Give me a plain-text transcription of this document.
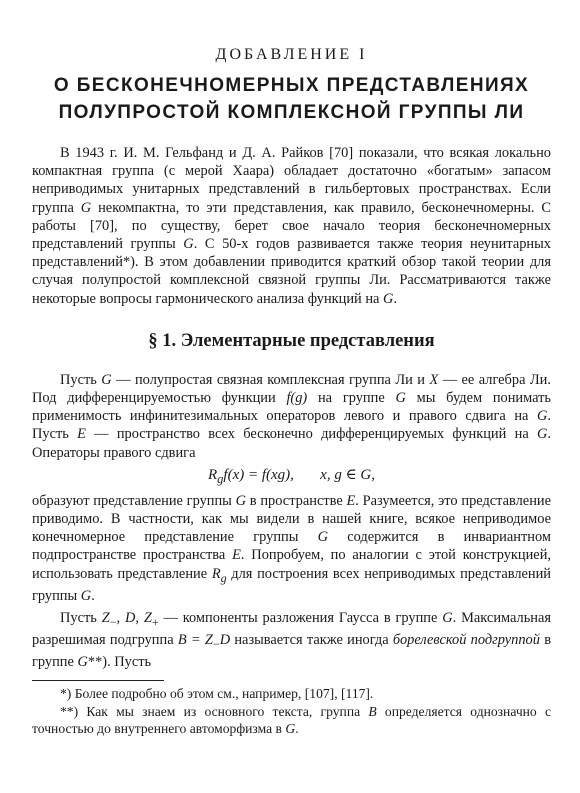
ДОБАВЛЕНИЕ I

О БЕСКОНЕЧНОМЕРНЫХ ПРЕДСТАВЛЕНИЯХ
ПОЛУПРОСТОЙ КОМПЛЕКСНОЙ ГРУППЫ ЛИ

В 1943 г. И. М. Гельфанд и Д. А. Райков [70] показали, что всякая локально компактная группа (с мерой Хаара) обладает достаточно «богатым» запасом неприводимых унитарных представлений в гильбертовых пространствах. Если группа G некомпактна, то эти представления, как правило, бесконечномерны. С работы [70], по существу, берет свое начало теория бесконечномерных представлений группы G. С 50-х годов развивается также теория неунитарных представлений*). В этом добавлении приводится краткий обзор такой теории для случая полупростой комплексной связной группы Ли. Рассматриваются также некоторые вопросы гармонического анализа функций на G.

§ 1. Элементарные представления

Пусть G — полупростая связная комплексная группа Ли и X — ее алгебра Ли. Под дифференцируемостью функции f(g) на группе G мы будем понимать применимость инфинитезимальных операторов левого и правого сдвига на G. Пусть E — пространство всех бесконечно дифференцируемых функций на G. Операторы правого сдвига

$R_gf(x) = f(xg)$, x, g ∈ G,

образуют представление группы G в пространстве E. Разумеется, это представление приводимо. В частности, как мы видели в нашей книге, всякое неприводимое конечномерное представление группы G содержится в инвариантном подпространстве пространства E. Попробуем, по аналогии с этой конструкцией, использовать представление $R_g$ для построения всех неприводимых представлений группы G.

Пусть $Z_-$, D, $Z_+$ — компоненты разложения Гаусса в группе G. Максимальная разрешимая подгруппа $B = Z_-D$ называется также иногда борелевской подгруппой в группе G**). Пусть

*) Более подробно об этом см., например, [107], [117].

**) Как мы знаем из основного текста, группа B определяется однозначно с точностью до внутреннего автоморфизма в G.
